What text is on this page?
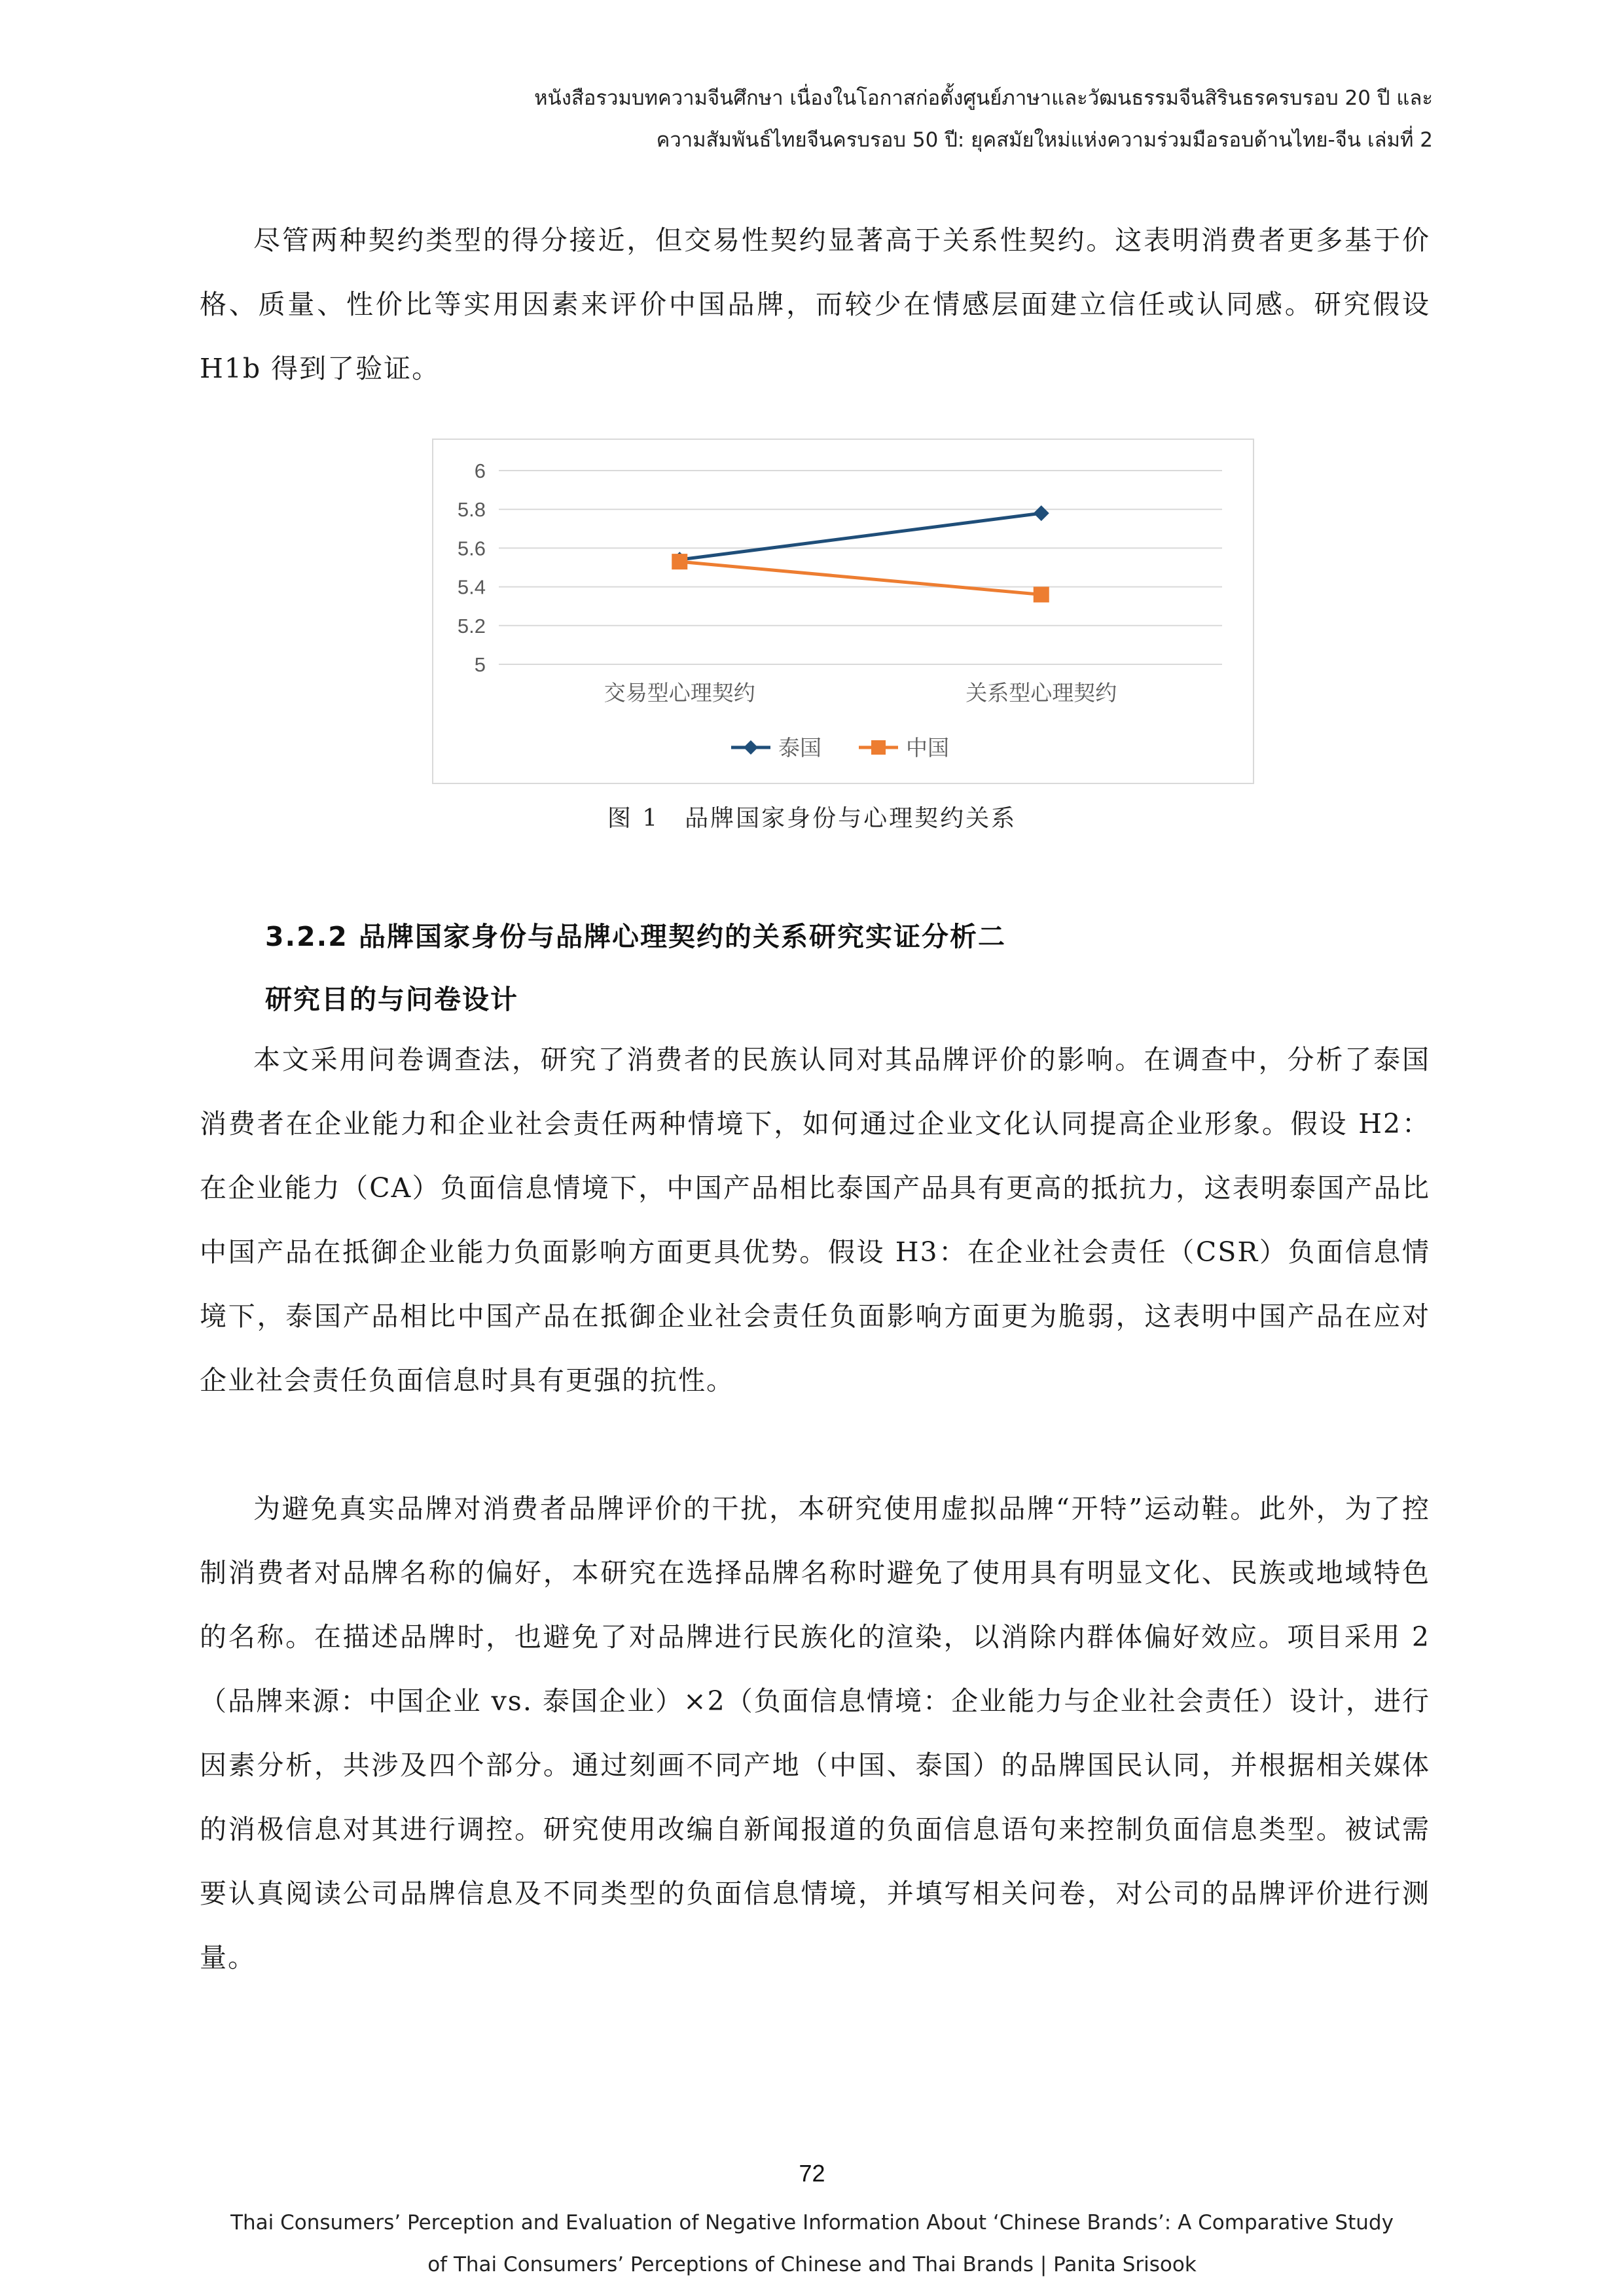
หนังสือรวมบทความจีนศึกษา เนื่องในโอกาสก่อตั้งศูนย์ภาษาและวัฒนธรรมจีนสิรินธรครบรอบ 20 ปี และ
ความสัมพันธ์ไทยจีนครบรอบ 50 ปี: ยุคสมัยใหม่แห่งความร่วมมือรอบด้านไทย-จีน เล่มที่ 2

尽管两种契约类型的得分接近，但交易性契约显著高于关系性契约。这表明消费者更多基于价格、质量、性价比等实用因素来评价中国品牌，而较少在情感层面建立信任或认同感。研究假设 H1b 得到了验证。

6
5.8
5.6
5.4
5.2
5
交易型心理契约	关系型心理契约
泰国	中国
图 1　品牌国家身份与心理契约关系
3.2.2 品牌国家身份与品牌心理契约的关系研究实证分析二
研究目的与问卷设计

本文采用问卷调查法，研究了消费者的民族认同对其品牌评价的影响。在调查中，分析了泰国消费者在企业能力和企业社会责任两种情境下，如何通过企业文化认同提高企业形象。假设 H2：在企业能力（CA）负面信息情境下，中国产品相比泰国产品具有更高的抵抗力，这表明泰国产品比中国产品在抵御企业能力负面影响方面更具优势。假设 H3：在企业社会责任（CSR）负面信息情境下，泰国产品相比中国产品在抵御企业社会责任负面影响方面更为脆弱，这表明中国产品在应对企业社会责任负面信息时具有更强的抗性。

为避免真实品牌对消费者品牌评价的干扰，本研究使用虚拟品牌“开特”运动鞋。此外，为了控制消费者对品牌名称的偏好，本研究在选择品牌名称时避免了使用具有明显文化、民族或地域特色的名称。在描述品牌时，也避免了对品牌进行民族化的渲染，以消除内群体偏好效应。项目采用 2（品牌来源：中国企业 vs. 泰国企业）×2（负面信息情境：企业能力与企业社会责任）设计，进行因素分析，共涉及四个部分。通过刻画不同产地（中国、泰国）的品牌国民认同，并根据相关媒体的消极信息对其进行调控。研究使用改编自新闻报道的负面信息语句来控制负面信息类型。被试需要认真阅读公司品牌信息及不同类型的负面信息情境，并填写相关问卷，对公司的品牌评价进行测量。

72
Thai Consumers’ Perception and Evaluation of Negative Information About ‘Chinese Brands’: A Comparative Study
of Thai Consumers’ Perceptions of Chinese and Thai Brands | Panita Srisook
